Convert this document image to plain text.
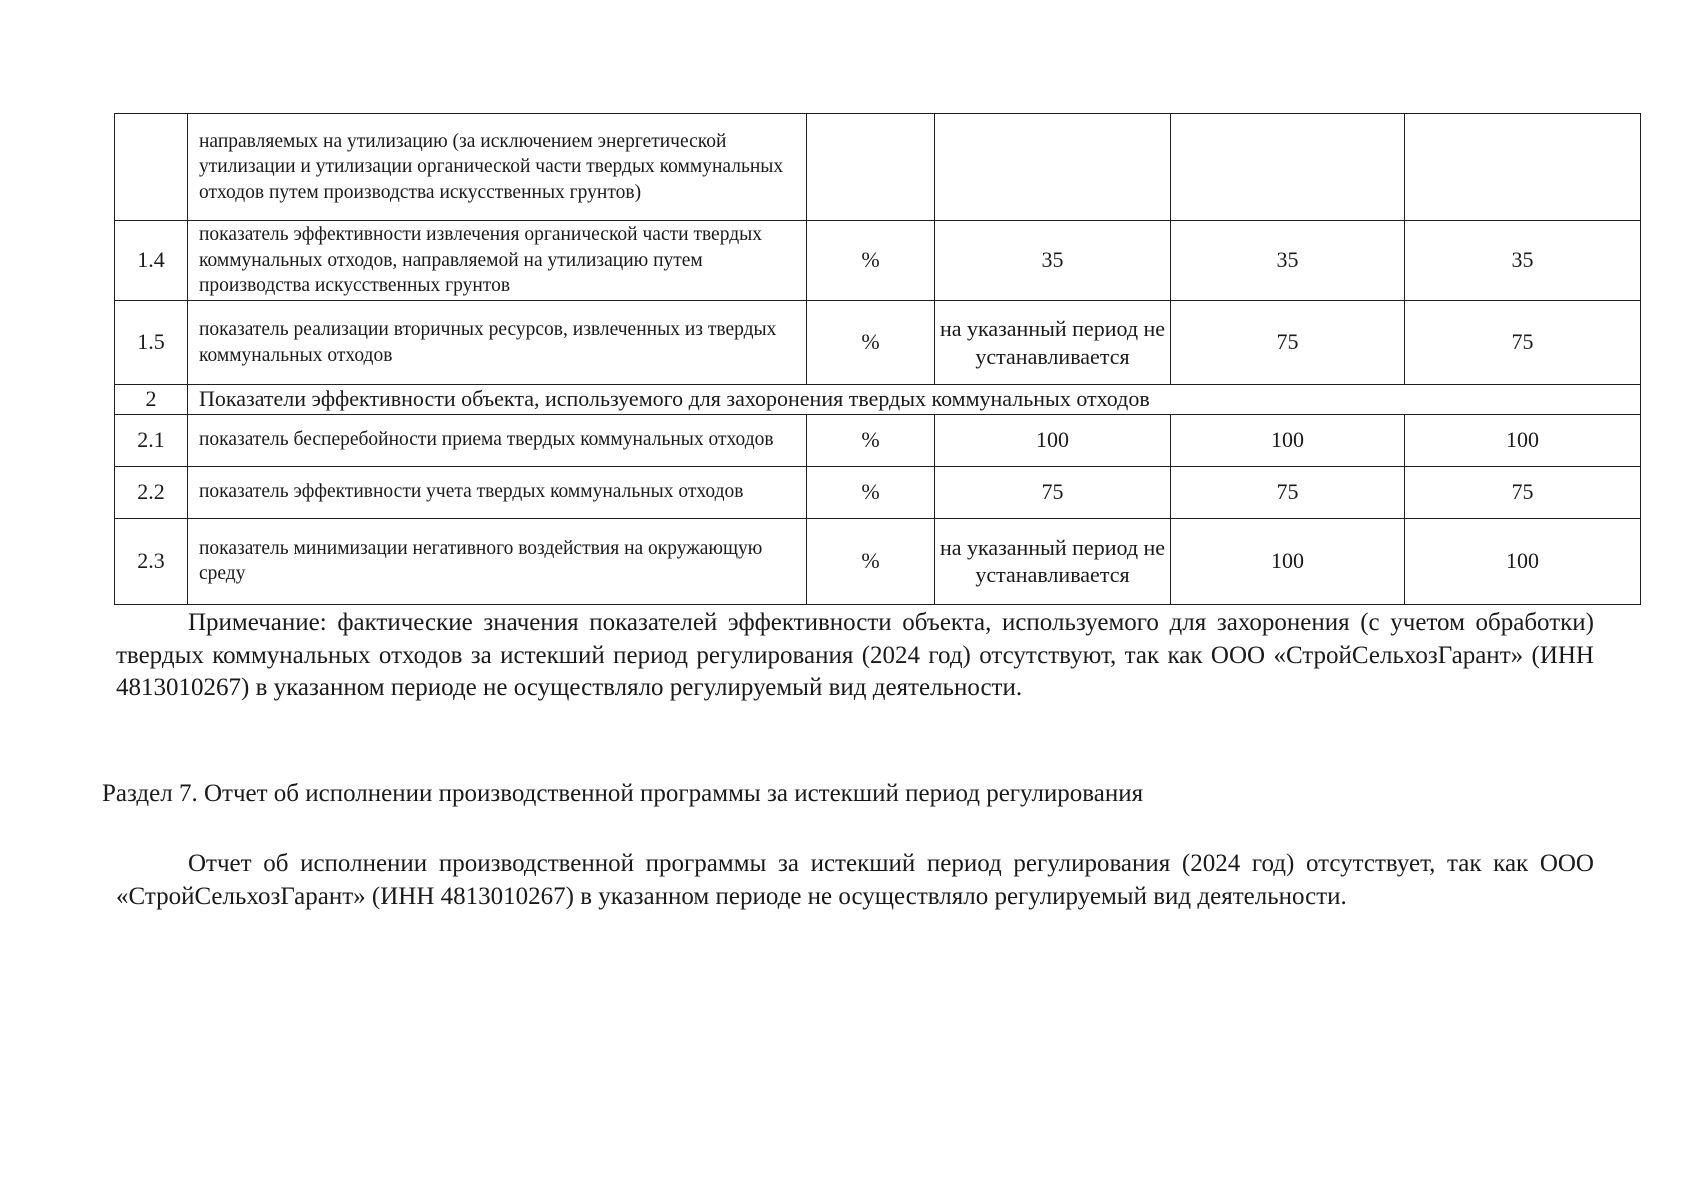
	направляемых на утилизацию (за исключением энергетической утилизации и утилизации органической части твердых коммунальных отходов путем производства искусственных грунтов)				
1.4	показатель эффективности извлечения органической части твердых коммунальных отходов, направляемой на утилизацию путем производства искусственных грунтов	%	35	35	35
1.5	показатель реализации вторичных ресурсов, извлеченных из твердых коммунальных отходов	%	на указанный период не устанавливается	75	75
2	Показатели эффективности объекта, используемого для захоронения твердых коммунальных отходов				
2.1	показатель бесперебойности приема твердых коммунальных отходов	%	100	100	100
2.2	показатель эффективности учета твердых коммунальных отходов	%	75	75	75
2.3	показатель минимизации негативного воздействия на окружающую среду	%	на указанный период не устанавливается	100	100

Примечание: фактические значения показателей эффективности объекта, используемого для захоронения (с учетом обработки) твердых коммунальных отходов за истекший период регулирования (2024 год) отсутствуют, так как ООО «СтройСельхозГарант» (ИНН 4813010267) в указанном периоде не осуществляло регулируемый вид деятельности.

Раздел 7. Отчет об исполнении производственной программы за истекший период регулирования

Отчет об исполнении производственной программы за истекший период регулирования (2024 год) отсутствует, так как ООО «СтройСельхозГарант» (ИНН 4813010267) в указанном периоде не осуществляло регулируемый вид деятельности.
